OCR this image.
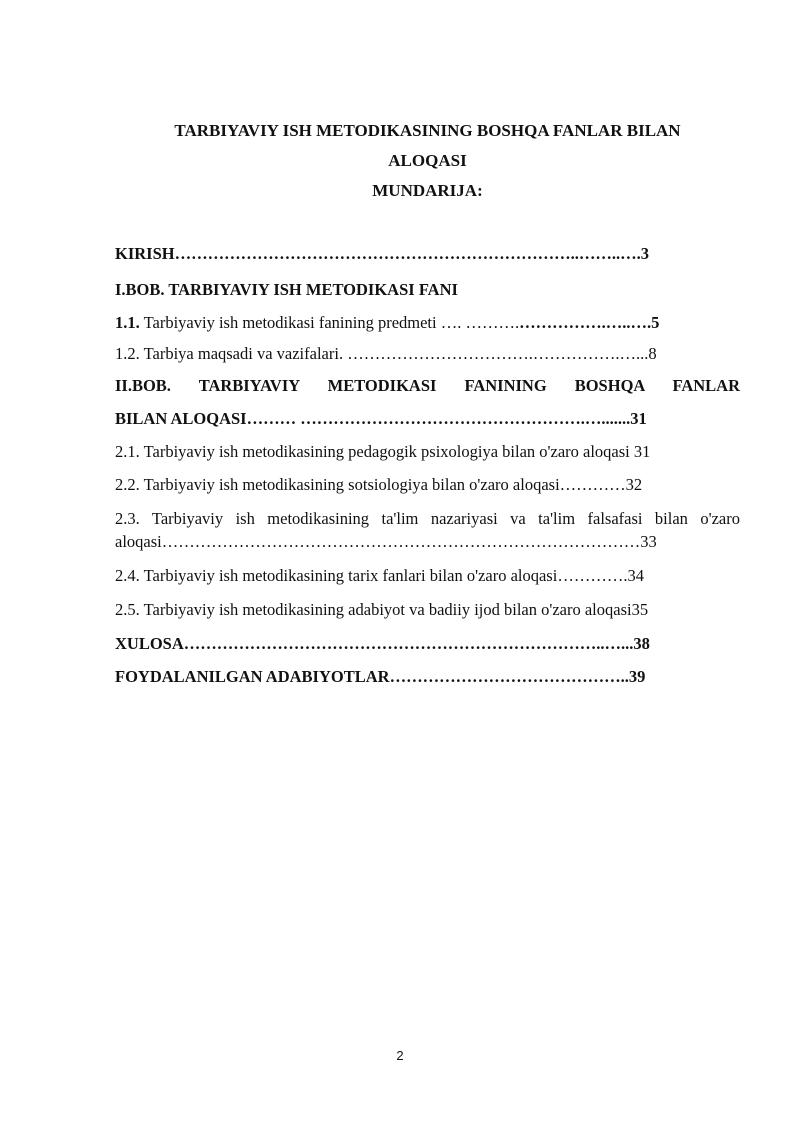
TARBIYAVIY ISH METODIKASINING BOSHQA FANLAR BILAN
ALOQASI
MUNDARIJA:
KIRISH………………………………………………………………..……..….3
I.BOB. TARBIYAVIY ISH METODIKASI FANI
1.1. Tarbiyaviy ish metodikasi fanining predmeti …. ……….…………….…..….5
1.2. Tarbiya maqsadi va vazifalari. …………………………….…………….…...8
II.BOB. TARBIYAVIY METODIKASI FANINING BOSHQA FANLAR
BILAN ALOQASI……… …………………………………………….….......31
2.1. Tarbiyaviy ish metodikasining pedagogik psixologiya bilan o'zaro aloqasi 31
2.2. Tarbiyaviy ish metodikasining sotsiologiya bilan o'zaro aloqasi…………32
2.3. Tarbiyaviy ish metodikasining ta'lim nazariyasi va ta'lim falsafasi bilan o'zaro
aloqasi……………………………………………………………………………33
2.4. Tarbiyaviy ish metodikasining tarix fanlari bilan o'zaro aloqasi………….34
2.5. Tarbiyaviy ish metodikasining adabiyot va badiiy ijod bilan o'zaro aloqasi35
XULOSA…………………………………………………………………..…...38
FOYDALANILGAN ADABIYOTLAR……………………………………..39
2
